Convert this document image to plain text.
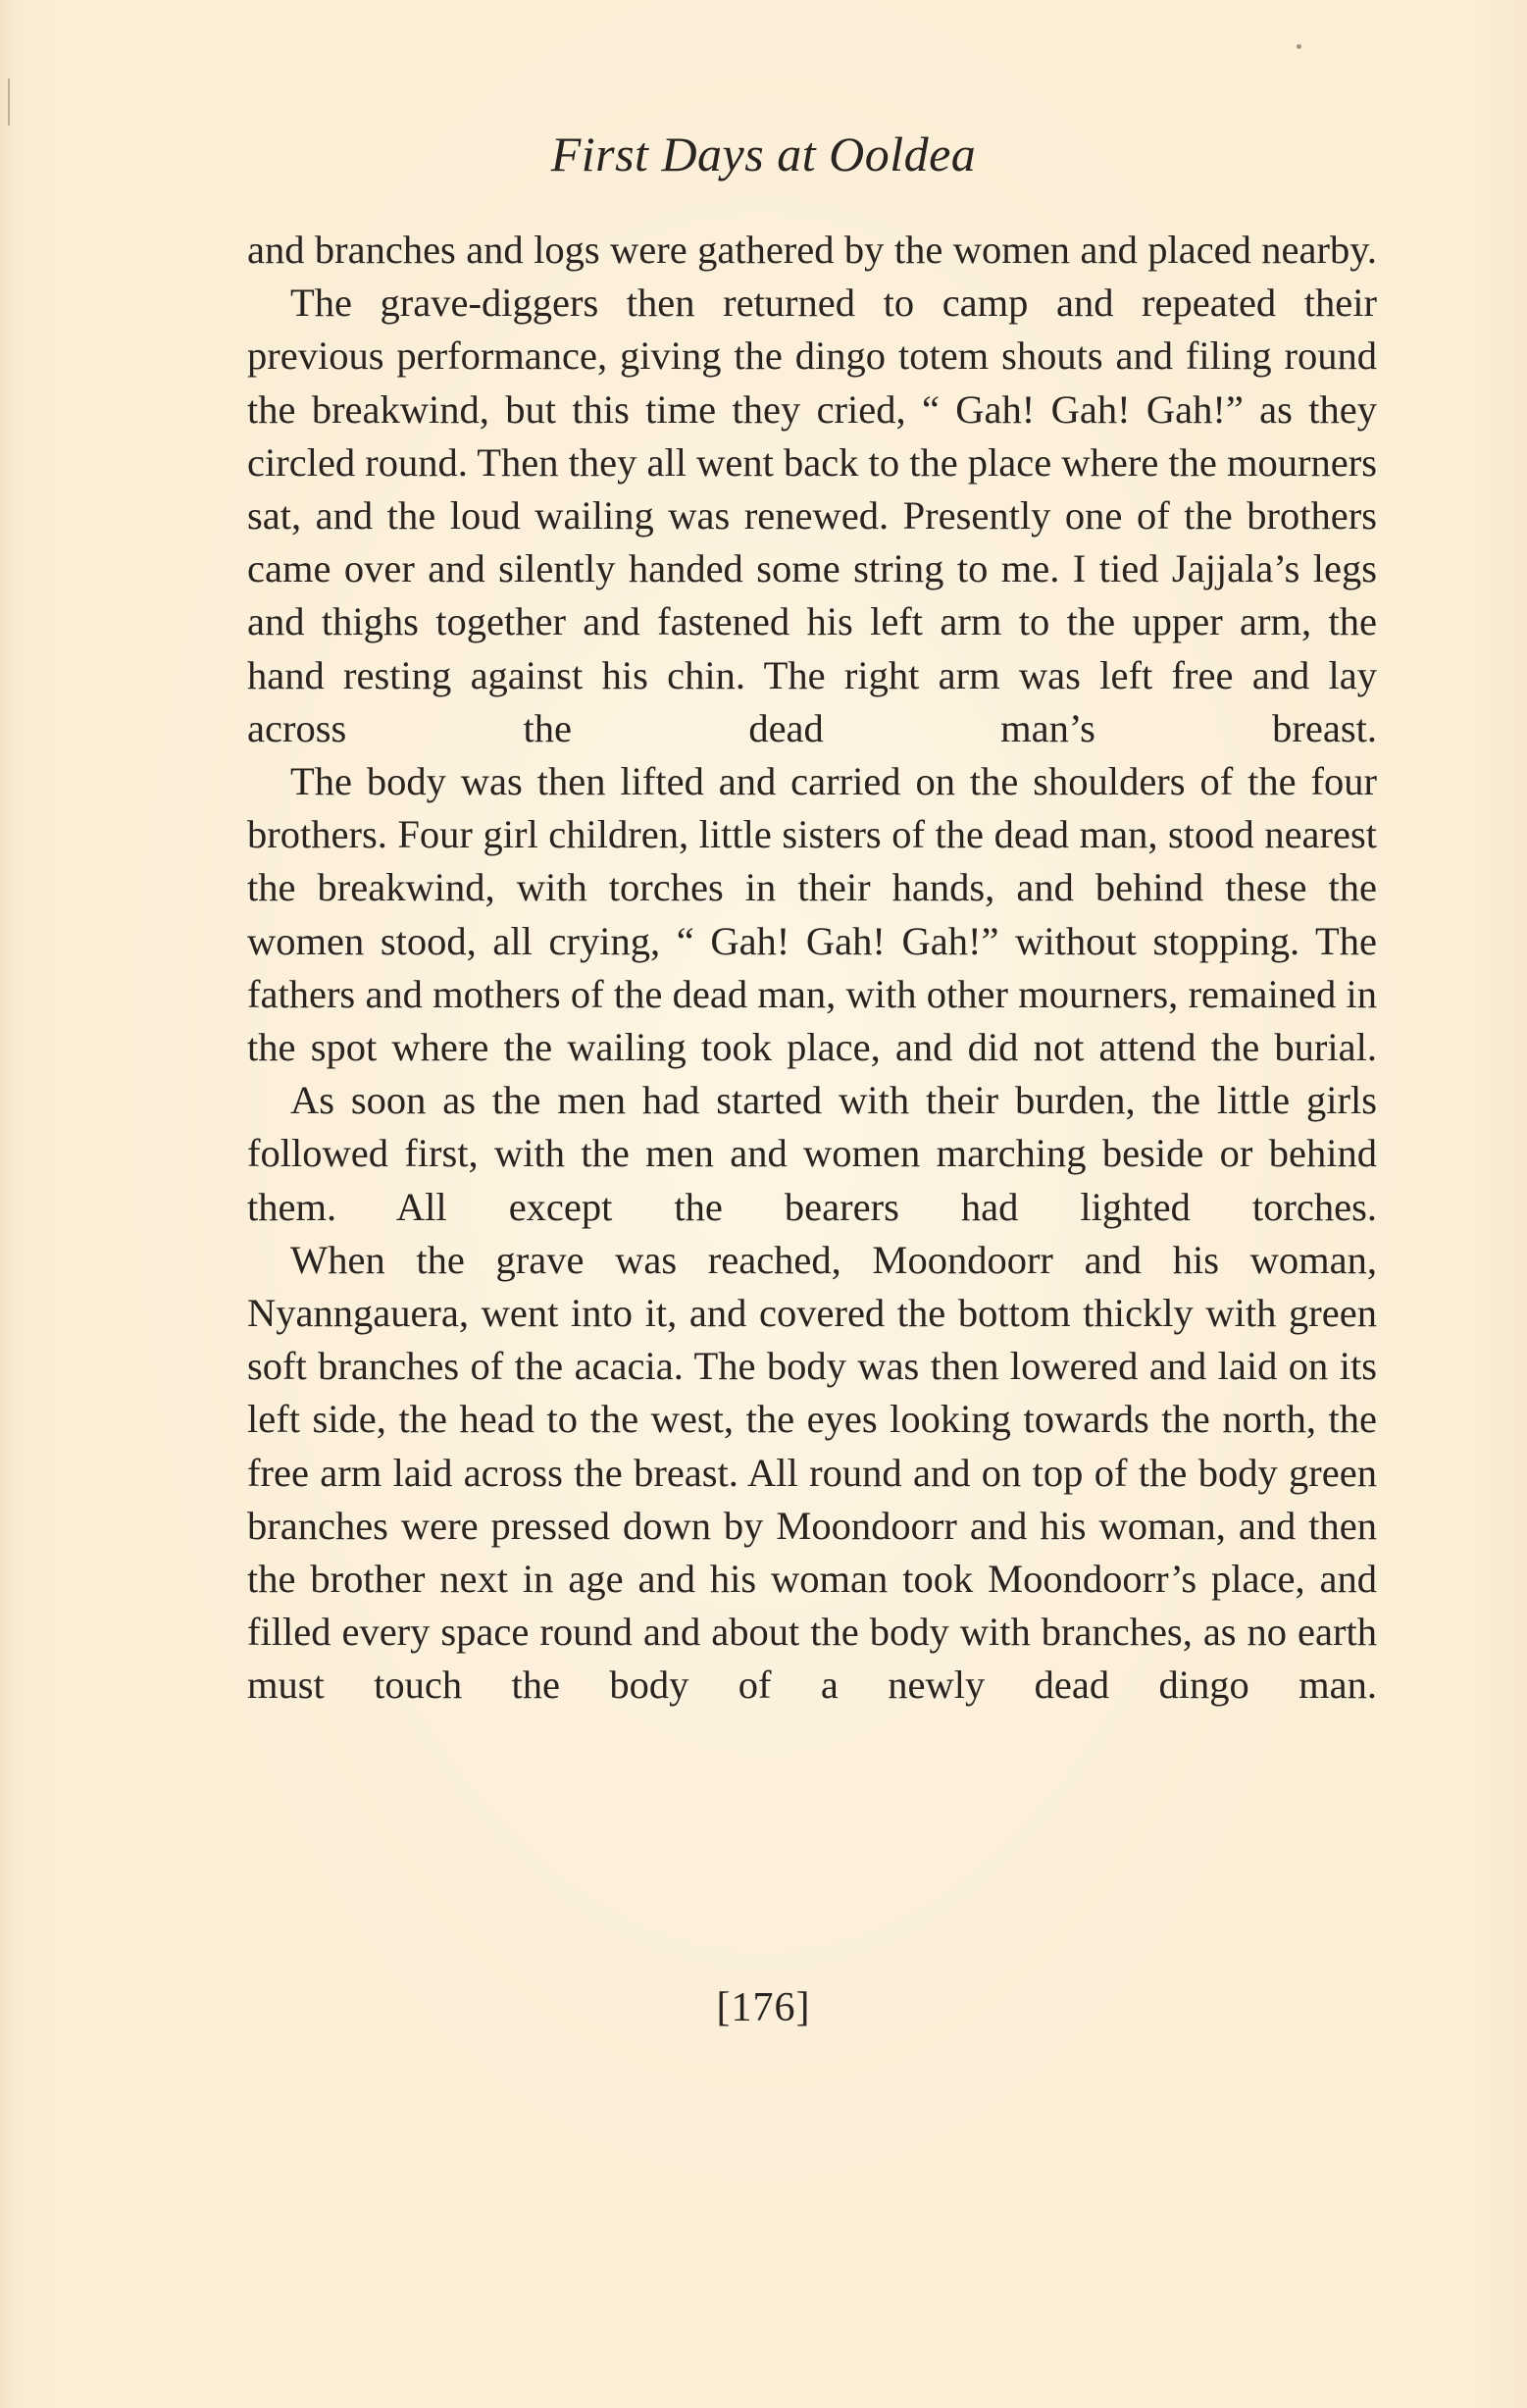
First Days at Ooldea

and branches and logs were gathered by the women and placed nearby.

The grave-diggers then returned to camp and repeated their previous performance, giving the dingo totem shouts and filing round the breakwind, but this time they cried, “ Gah! Gah! Gah!” as they circled round. Then they all went back to the place where the mourners sat, and the loud wailing was renewed. Presently one of the brothers came over and silently handed some string to me. I tied Jajjala’s legs and thighs together and fastened his left arm to the upper arm, the hand resting against his chin. The right arm was left free and lay across the dead man’s breast.

The body was then lifted and carried on the shoulders of the four brothers. Four girl children, little sisters of the dead man, stood nearest the breakwind, with torches in their hands, and behind these the women stood, all crying, “ Gah! Gah! Gah!” without stopping. The fathers and mothers of the dead man, with other mourners, remained in the spot where the wailing took place, and did not attend the burial.

As soon as the men had started with their burden, the little girls followed first, with the men and women marching beside or behind them. All except the bearers had lighted torches.

When the grave was reached, Moondoorr and his woman, Nyanngauera, went into it, and covered the bottom thickly with green soft branches of the acacia. The body was then lowered and laid on its left side, the head to the west, the eyes looking towards the north, the free arm laid across the breast. All round and on top of the body green branches were pressed down by Moondoorr and his woman, and then the brother next in age and his woman took Moondoorr’s place, and filled every space round and about the body with branches, as no earth must touch the body of a newly dead dingo man.

[176]
